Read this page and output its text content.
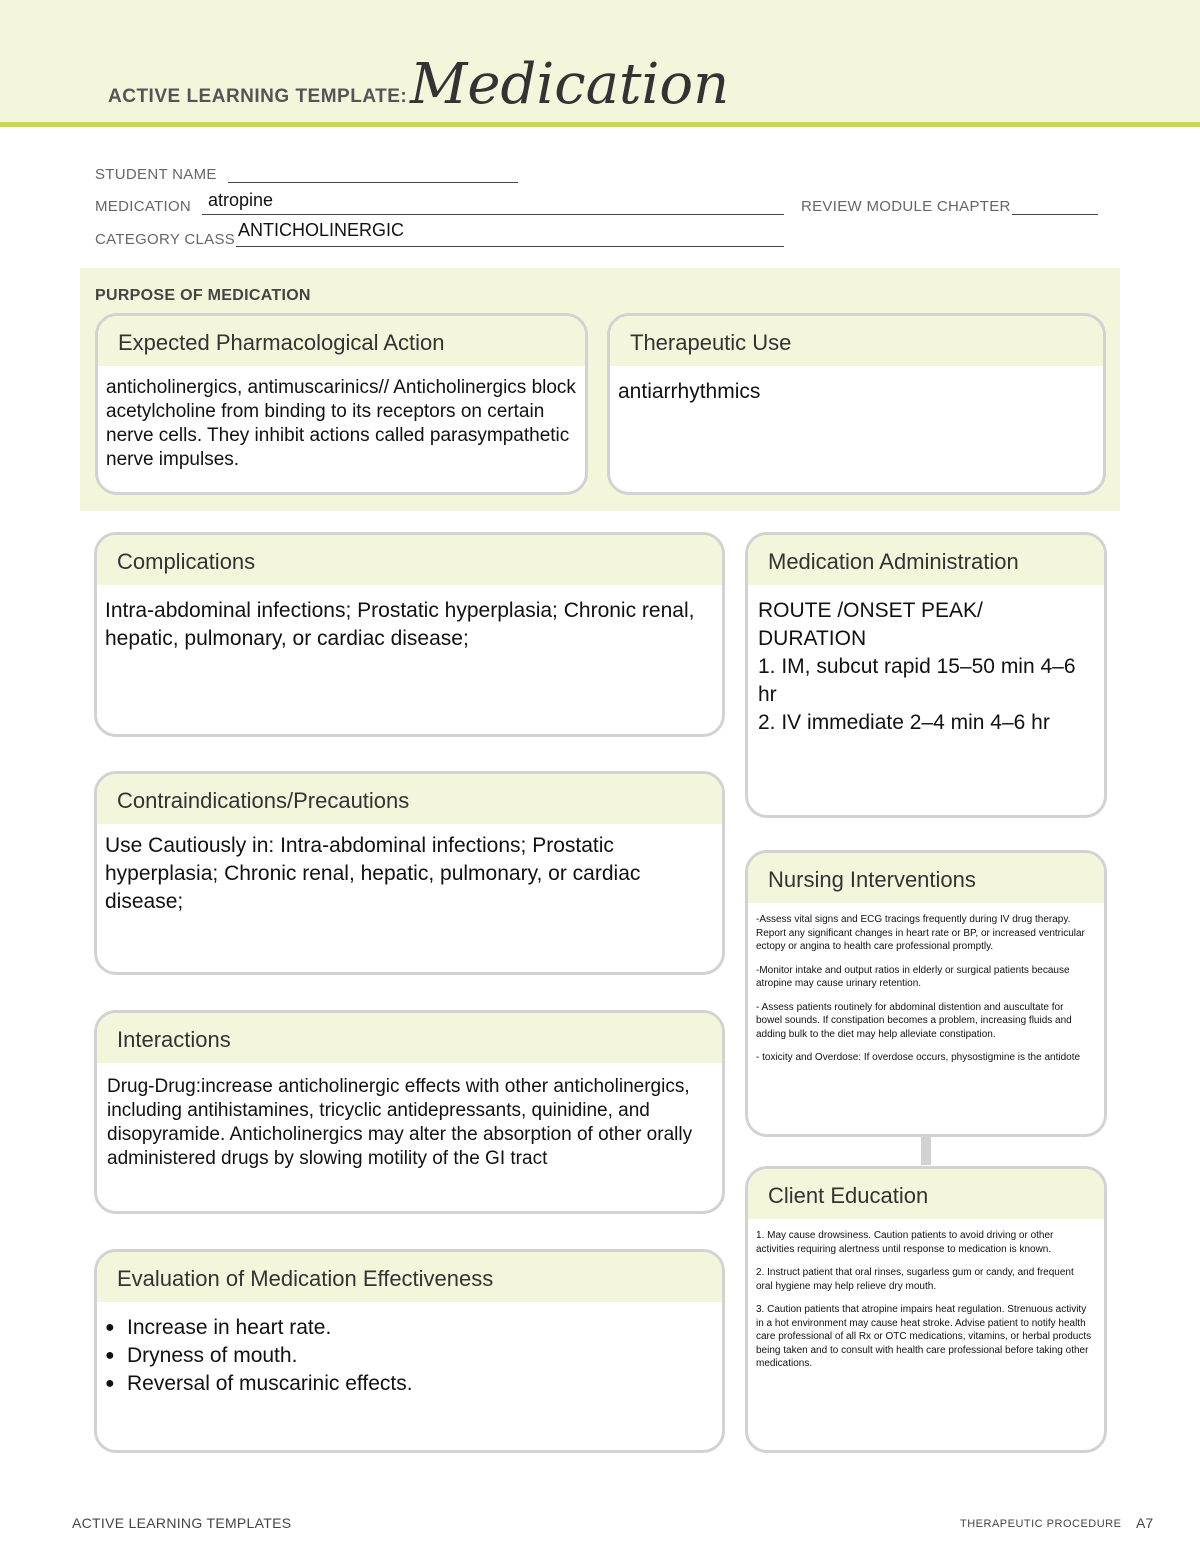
ACTIVE LEARNING TEMPLATE: Medication
STUDENT NAME
MEDICATION atropine	REVIEW MODULE CHAPTER
CATEGORY CLASS ANTICHOLINERGIC
PURPOSE OF MEDICATION
Expected Pharmacological Action
anticholinergics, antimuscarinics// Anticholinergics block acetylcholine from binding to its receptors on certain nerve cells. They inhibit actions called parasympathetic nerve impulses.
Therapeutic Use
antiarrhythmics
Complications
Intra-abdominal infections; Prostatic hyperplasia; Chronic renal, hepatic, pulmonary, or cardiac disease;
Contraindications/Precautions
Use Cautiously in: Intra-abdominal infections; Prostatic hyperplasia; Chronic renal, hepatic, pulmonary, or cardiac disease;
Interactions
Drug-Drug:increase anticholinergic effects with other anticholinergics, including antihistamines, tricyclic antidepressants, quinidine, and disopyramide. Anticholinergics may alter the absorption of other orally administered drugs by slowing motility of the GI tract
Evaluation of Medication Effectiveness
● Increase in heart rate.
● Dryness of mouth.
● Reversal of muscarinic effects.
Medication Administration
ROUTE /ONSET PEAK/ DURATION
1. IM, subcut rapid 15–50 min 4–6 hr
2. IV immediate 2–4 min 4–6 hr
Nursing Interventions

-Assess vital signs and ECG tracings frequently during IV drug therapy. Report any significant changes in heart rate or BP, or increased ventricular ectopy or angina to health care professional promptly.

-Monitor intake and output ratios in elderly or surgical patients because atropine may cause urinary retention.

- Assess patients routinely for abdominal distention and auscultate for bowel sounds. If constipation becomes a problem, increasing fluids and adding bulk to the diet may help alleviate constipation.

- toxicity and Overdose: If overdose occurs, physostigmine is the antidote

Client Education

1. May cause drowsiness. Caution patients to avoid driving or other activities requiring alertness until response to medication is known.

2. Instruct patient that oral rinses, sugarless gum or candy, and frequent oral hygiene may help relieve dry mouth.

3. Caution patients that atropine impairs heat regulation. Strenuous activity in a hot environment may cause heat stroke. Advise patient to notify health care professional of all Rx or OTC medications, vitamins, or herbal products being taken and to consult with health care professional before taking other medications.

ACTIVE LEARNING TEMPLATES	THERAPEUTIC PROCEDURE A7
